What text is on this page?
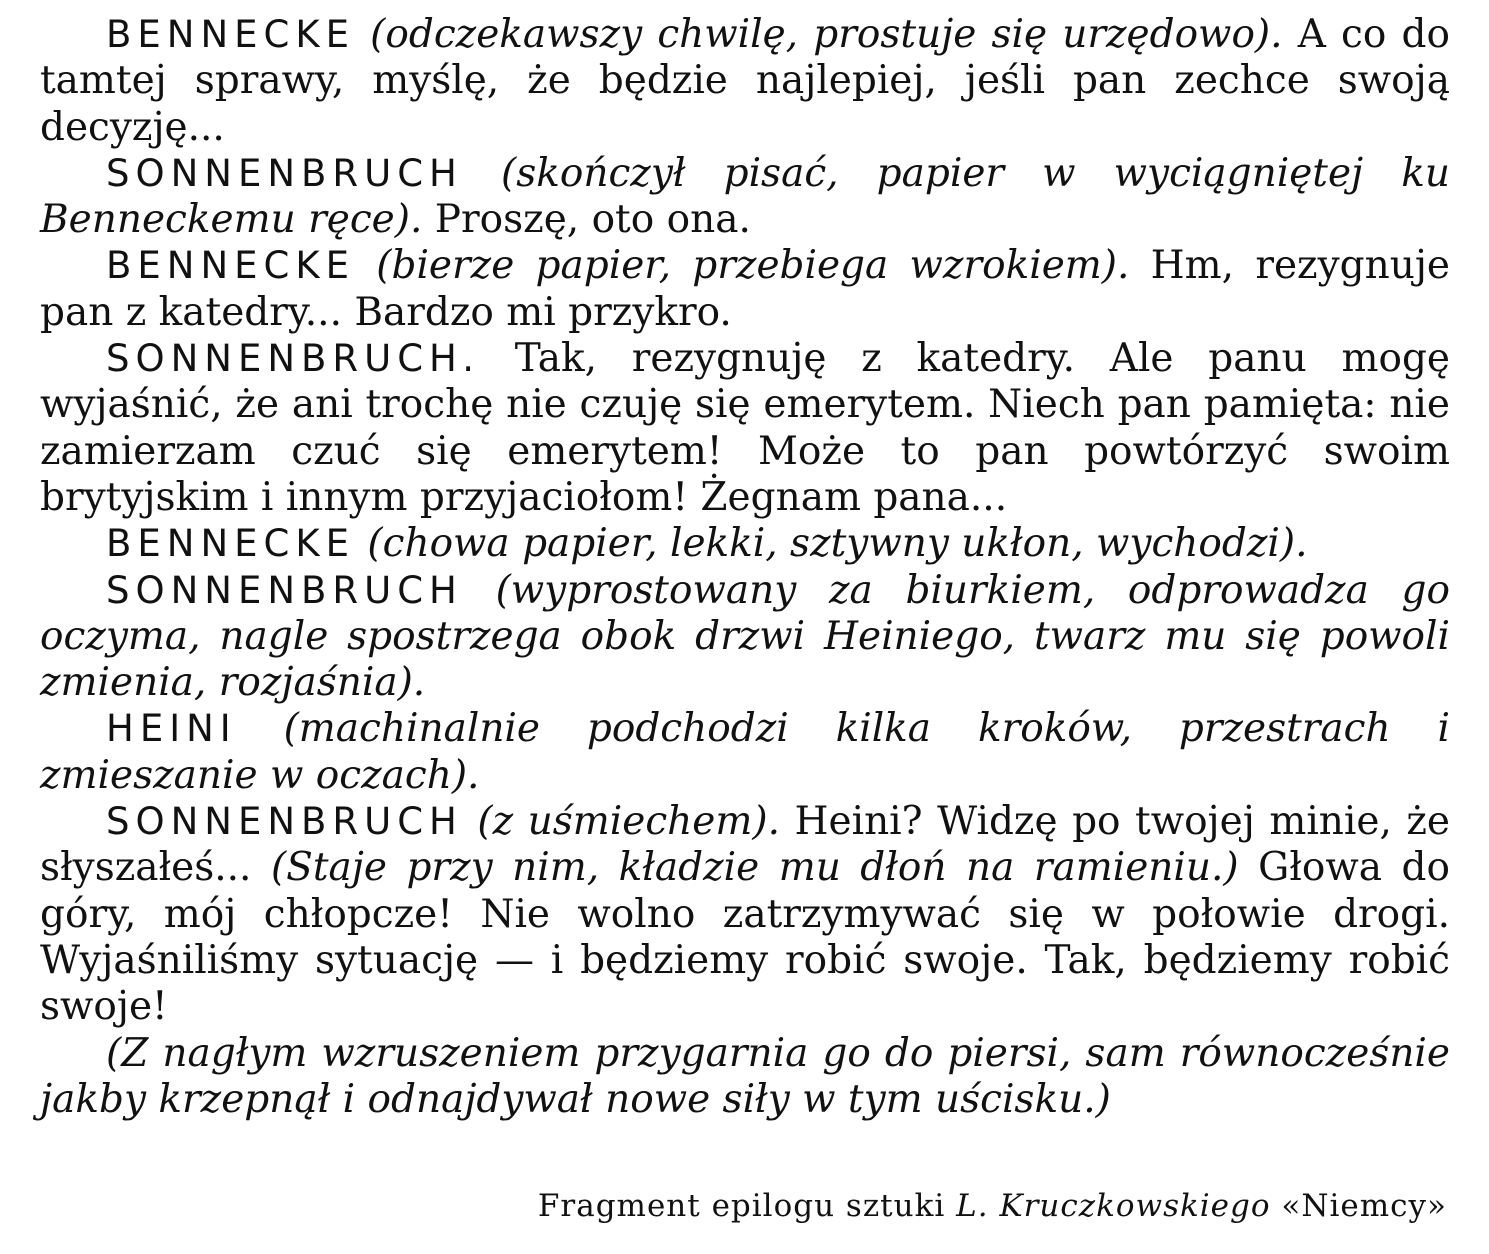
BENNECKE (odczekawszy chwilę, prostuje się urzędowo). A co do tamtej sprawy, myślę, że będzie najlepiej, jeśli pan zechce swoją decyzję...

SONNENBRUCH (skończył pisać, papier w wyciągniętej ku Benneckemu ręce). Proszę, oto ona.

BENNECKE (bierze papier, przebiega wzrokiem). Hm, rezygnuje pan z katedry... Bardzo mi przykro.

SONNENBRUCH. Tak, rezygnuję z katedry. Ale panu mogę wyjaśnić, że ani trochę nie czuję się emerytem. Niech pan pamięta: nie zamierzam czuć się emerytem! Może to pan powtórzyć swoim brytyjskim i innym przyjaciołom! Żegnam pana...

BENNECKE (chowa papier, lekki, sztywny ukłon, wychodzi).

SONNENBRUCH (wyprostowany za biurkiem, odprowadza go oczyma, nagle spostrzega obok drzwi Heiniego, twarz mu się powoli zmienia, rozjaśnia).

HEINI (machinalnie podchodzi kilka kroków, przestrach i zmieszanie w oczach).

SONNENBRUCH (z uśmiechem). Heini? Widzę po twojej minie, że słyszałeś... (Staje przy nim, kładzie mu dłoń na ramieniu.) Głowa do góry, mój chłopcze! Nie wolno zatrzymywać się w połowie drogi. Wyjaśniliśmy sytuację — i będziemy robić swoje. Tak, będziemy robić swoje!

(Z nagłym wzruszeniem przygarnia go do piersi, sam równocześnie jakby krzepnął i odnajdywał nowe siły w tym uścisku.)

Fragment epilogu sztuki L. Kruczkowskiego «Niemcy»
